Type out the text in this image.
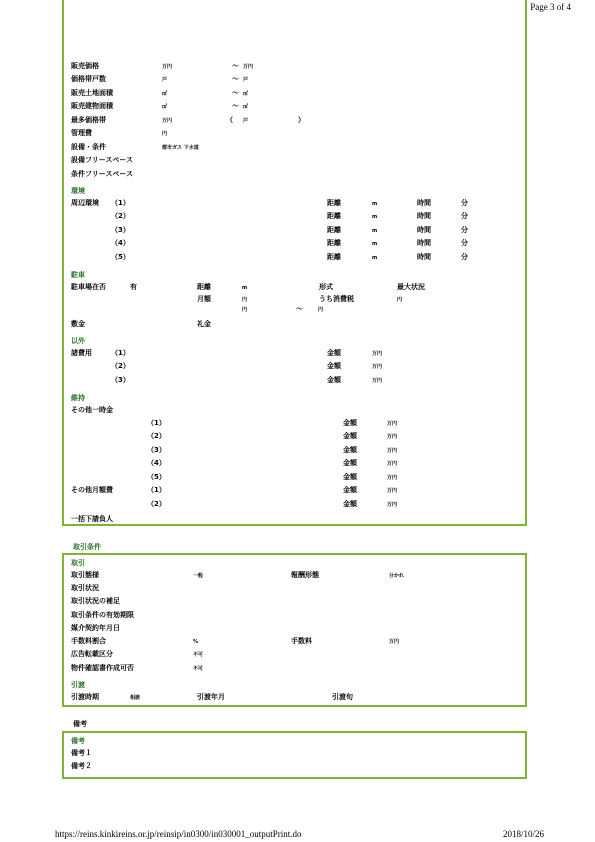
Page 3 of 4
販売価格	万円	～ 万円
価格帯戸数	戸	～ 戸
販売土地面積	㎡	～ ㎡
販売建物面積	㎡	～ ㎡
最多価格帯	万円	（ 戸	）
管理費	円
設備・条件	都市ガス 下水道
設備フリースペース
条件フリースペース
環境
周辺環境 （1）	距離	m	時間	分
（2）	距離	m	時間	分
（3）	距離	m	時間	分
（4）	距離	m	時間	分
（5）	距離	m	時間	分
駐車
駐車場在否	有	距離	m	形式	最大状況
月額	円	うち消費税	円
円	～	円
敷金	礼金
以外
諸費用	（1）	金額	万円
（2）	金額	万円
（3）	金額	万円
維持
その他一時金
（1）	金額	万円
（2）	金額	万円
（3）	金額	万円
（4）	金額	万円
（5）	金額	万円
その他月額費	（1）	金額	万円
（2）	金額	万円
一括下請負人
取引条件
取引
取引態様	一般	報酬形態	分かれ
取引状況
取引状況の補足
取引条件の有効期限
媒介契約年月日
手数料割合	%	手数料	万円
広告転載区分	不可
物件確認書作成可否	不可
引渡
引渡時期	相談	引渡年月	引渡旬
備考
備考
備考１
備考２
https://reins.kinkireins.or.jp/reinsip/in0300/in030001_outputPrint.do	2018/10/26
